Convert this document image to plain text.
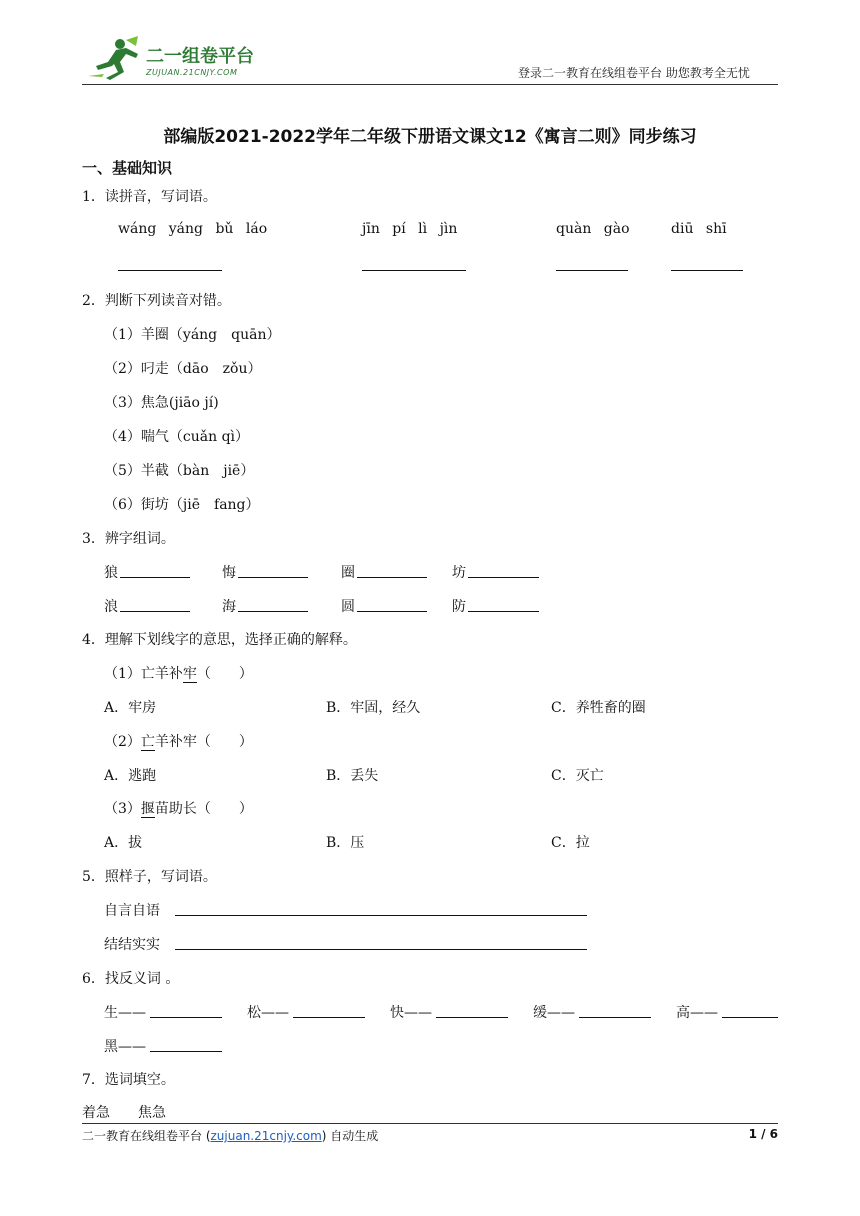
二一组卷平台
ZUJUAN.21CNJY.COM	登录二一教育在线组卷平台 助您教考全无忧
部编版2021-2022学年二年级下册语文课文12《寓言二则》同步练习
一、基础知识
1．读拼音，写词语。
wáng yáng bǔ láo	jīn pí lì jìn	quàn gào	diū shī
2．判断下列读音对错。
（1）羊圈（yáng　quān）
（2）叼走（dāo　zǒu）
（3）焦急(jiāo jí)
（4）喘气（cuǎn qì）
（5）半截（bàn　jiē）
（6）街坊（jiē　fang）
3．辨字组词。
狼	悔	圈	坊
浪	海	圆	防
4．理解下划线字的意思，选择正确的解释。
（1）亡羊补牢（　　）
A．牢房	B．牢固，经久	C．养牲畜的圈
（2）亡羊补牢（　　）
A．逃跑	B．丢失	C．灭亡
（3）揠苗助长（　　）
A．拔	B．压	C．拉
5．照样子，写词语。
自言自语
结结实实
6．找反义词 。
生——	松——	快——	缓——	高——
黑——
7．选词填空。
着急　　焦急
二一教育在线组卷平台 (zujuan.21cnjy.com) 自动生成	1 / 6
